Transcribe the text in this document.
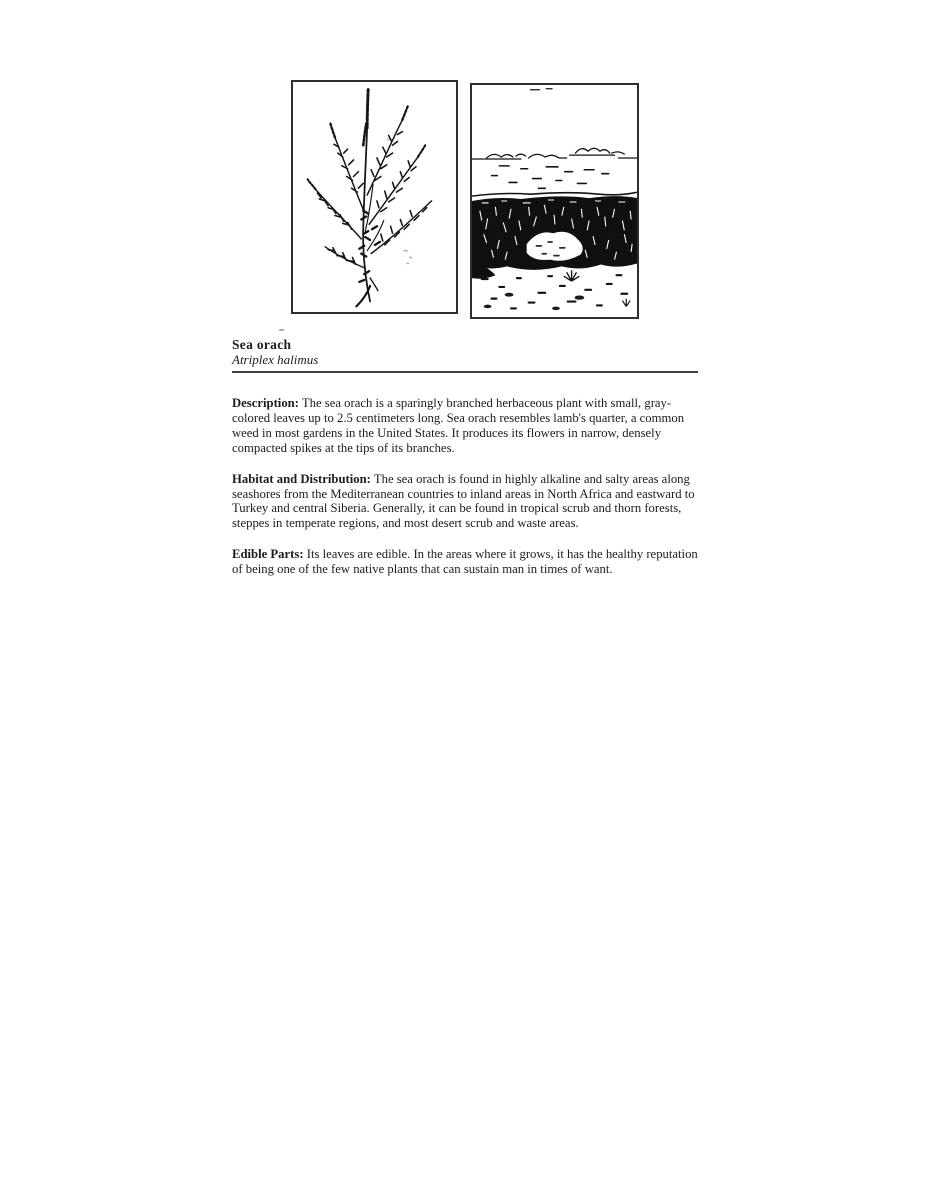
Sea orach
Atriplex halimus

Description: The sea orach is a sparingly branched herbaceous plant with small, gray-colored leaves up to 2.5 centimeters long. Sea orach resembles lamb's quarter, a common weed in most gardens in the United States. It produces its flowers in narrow, densely compacted spikes at the tips of its branches.

Habitat and Distribution: The sea orach is found in highly alkaline and salty areas along seashores from the Mediterranean countries to inland areas in North Africa and eastward to Turkey and central Siberia. Generally, it can be found in tropical scrub and thorn forests, steppes in temperate regions, and most desert scrub and waste areas.

Edible Parts: Its leaves are edible. In the areas where it grows, it has the healthy reputation of being one of the few native plants that can sustain man in times of want.
